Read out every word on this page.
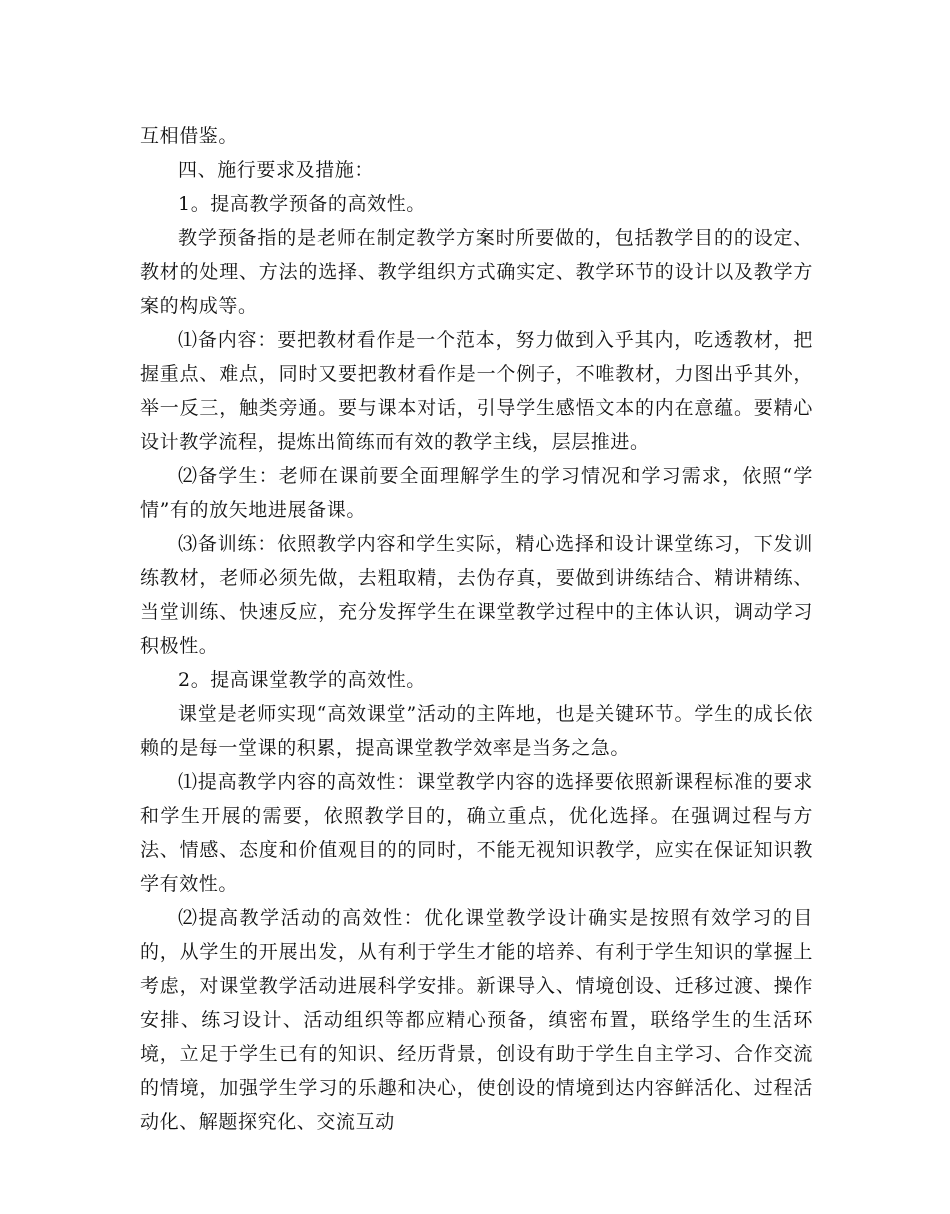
互相借鉴。

四、施行要求及措施：

1。提高教学预备的高效性。

教学预备指的是老师在制定教学方案时所要做的，包括教学目的的设定、教材的处理、方法的选择、教学组织方式确实定、教学环节的设计以及教学方案的构成等。

⑴备内容：要把教材看作是一个范本，努力做到入乎其内，吃透教材，把握重点、难点，同时又要把教材看作是一个例子，不唯教材，力图出乎其外，举一反三，触类旁通。要与课本对话，引导学生感悟文本的内在意蕴。要精心设计教学流程，提炼出简练而有效的教学主线，层层推进。

⑵备学生：老师在课前要全面理解学生的学习情况和学习需求，依照“学情”有的放矢地进展备课。

⑶备训练：依照教学内容和学生实际，精心选择和设计课堂练习，下发训练教材，老师必须先做，去粗取精，去伪存真，要做到讲练结合、精讲精练、当堂训练、快速反应，充分发挥学生在课堂教学过程中的主体认识，调动学习积极性。

2。提高课堂教学的高效性。

课堂是老师实现“高效课堂”活动的主阵地，也是关键环节。学生的成长依赖的是每一堂课的积累，提高课堂教学效率是当务之急。

⑴提高教学内容的高效性：课堂教学内容的选择要依照新课程标准的要求和学生开展的需要，依照教学目的，确立重点，优化选择。在强调过程与方法、情感、态度和价值观目的的同时，不能无视知识教学，应实在保证知识教学有效性。

⑵提高教学活动的高效性：优化课堂教学设计确实是按照有效学习的目的，从学生的开展出发，从有利于学生才能的培养、有利于学生知识的掌握上考虑，对课堂教学活动进展科学安排。新课导入、情境创设、迁移过渡、操作安排、练习设计、活动组织等都应精心预备，缜密布置，联络学生的生活环境，立足于学生已有的知识、经历背景，创设有助于学生自主学习、合作交流的情境，加强学生学习的乐趣和决心，使创设的情境到达内容鲜活化、过程活动化、解题探究化、交流互动
